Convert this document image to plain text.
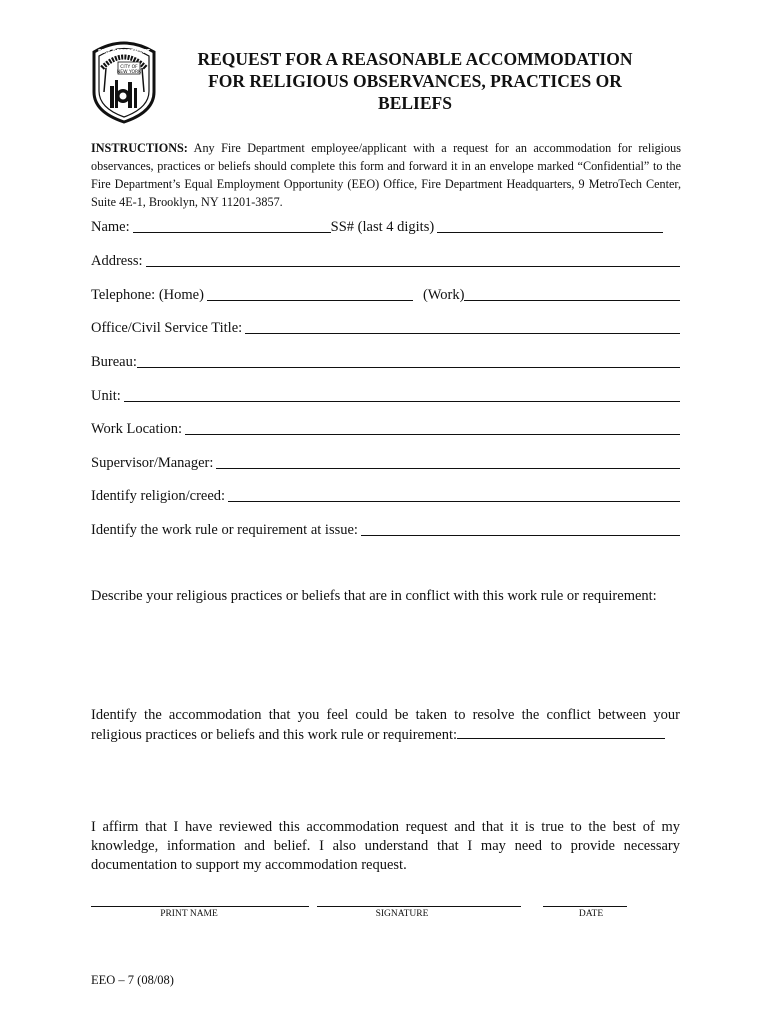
CITY OF
NEW YORK
FIRE DEPARTMENT	REQUEST FOR A REASONABLE ACCOMMODATION
FOR RELIGIOUS OBSERVANCES, PRACTICES OR
BELIEFS
INSTRUCTIONS: Any Fire Department employee/applicant with a request for an accommodation for religious observances, practices or beliefs should complete this form and forward it in an envelope marked “Confidential” to the Fire Department’s Equal Employment Opportunity (EEO) Office, Fire Department Headquarters, 9 MetroTech Center, Suite 4E-1, Brooklyn, NY 11201-3857.
Name:	SS# (last 4 digits)
Address:
Telephone: (Home)	(Work)
Office/Civil Service Title:
Bureau:
Unit:
Work Location:
Supervisor/Manager:
Identify religion/creed:
Identify the work rule or requirement at issue:
Describe your religious practices or beliefs that are in conflict with this work rule or requirement:
Identify the accommodation that you feel could be taken to resolve the conflict between your religious practices or beliefs and this work rule or requirement:
I affirm that I have reviewed this accommodation request and that it is true to the best of my knowledge, information and belief. I also understand that I may need to provide necessary documentation to support my accommodation request.
PRINT NAME	SIGNATURE	DATE
EEO – 7 (08/08)
